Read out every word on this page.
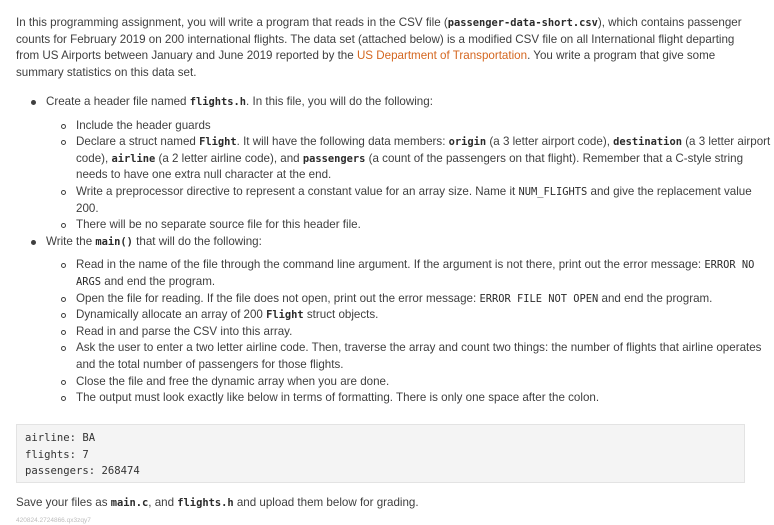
In this programming assignment, you will write a program that reads in the CSV file (passenger-data-short.csv), which contains passenger counts for February 2019 on 200 international flights. The data set (attached below) is a modified CSV file on all International flight departing from US Airports between January and June 2019 reported by the US Department of Transportation. You write a program that give some summary statistics on this data set.

Create a header file named flights.h. In this file, you will do the following:
Include the header guards
Declare a struct named Flight. It will have the following data members: origin (a 3 letter airport code), destination (a 3 letter airport code), airline (a 2 letter airline code), and passengers (a count of the passengers on that flight). Remember that a C-style string needs to have one extra null character at the end.
Write a preprocessor directive to represent a constant value for an array size. Name it NUM_FLIGHTS and give the replacement value 200.
There will be no separate source file for this header file.
Write the main() that will do the following:
Read in the name of the file through the command line argument. If the argument is not there, print out the error message: ERROR NO ARGS and end the program.
Open the file for reading. If the file does not open, print out the error message: ERROR FILE NOT OPEN and end the program.
Dynamically allocate an array of 200 Flight struct objects.
Read in and parse the CSV into this array.
Ask the user to enter a two letter airline code. Then, traverse the array and count two things: the number of flights that airline operates and the total number of passengers for those flights.
Close the file and free the dynamic array when you are done.
The output must look exactly like below in terms of formatting. There is only one space after the colon.
airline: BA
flights: 7
passengers: 268474

Save your files as main.c, and flights.h and upload them below for grading.

420824.2724866.qx3zqy7
